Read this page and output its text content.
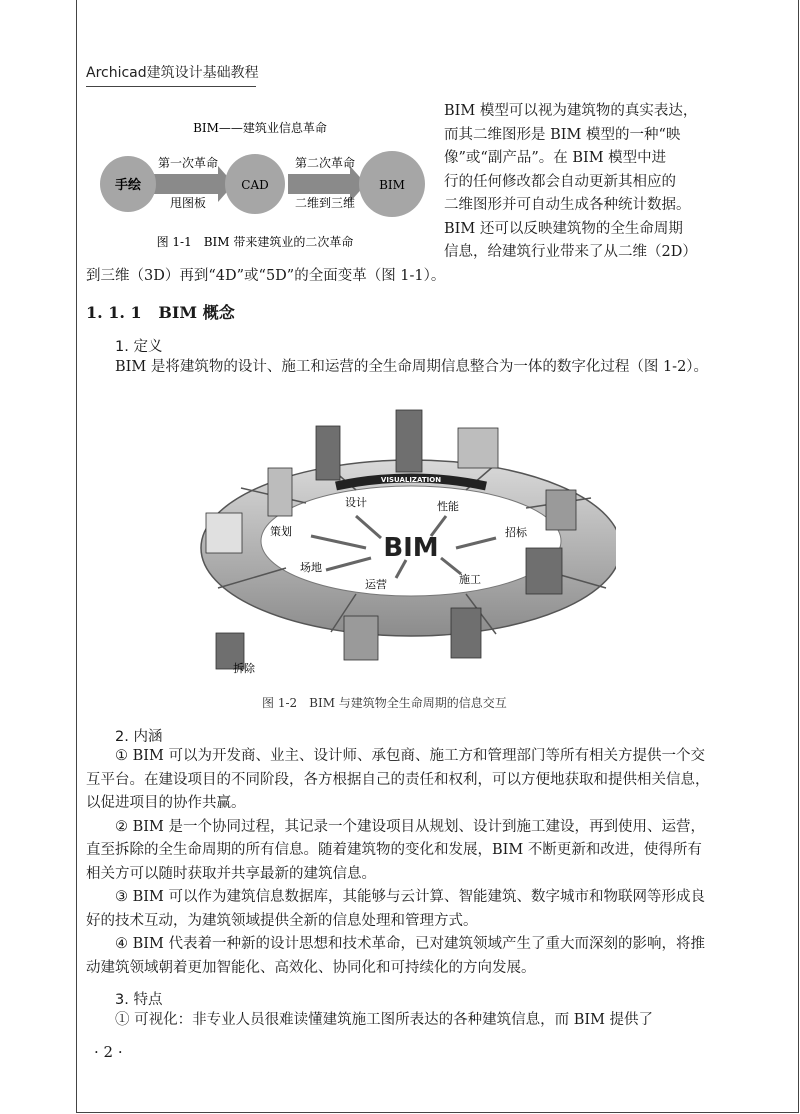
Archicad建筑设计基础教程
BIM——建筑业信息革命
手绘	CAD	BIM
第一次革命
甩图板
第二次革命
二维到三维
图 1-1　BIM 带来建筑业的二次革命
BIM 模型可以视为建筑物的真实表达，
而其二维图形是 BIM 模型的一种“映
像”或“副产品”。在 BIM 模型中进
行的任何修改都会自动更新其相应的
二维图形并可自动生成各种统计数据。
BIM 还可以反映建筑物的全生命周期
信息，给建筑行业带来了从二维（2D）
到三维（3D）再到“4D”或“5D”的全面变革（图 1-1）。
1. 1. 1 BIM 概念
1. 定义

BIM 是将建筑物的设计、施工和运营的全生命周期信息整合为一体的数字化过程（图 1-2）。

VISUALIZATION
BIM
设计	性能
策划	招标
场地
运营	施工
拆除
图 1-2　BIM 与建筑物全生命周期的信息交互
2. 内涵

① BIM 可以为开发商、业主、设计师、承包商、施工方和管理部门等所有相关方提供一个交互平台。在建设项目的不同阶段，各方根据自己的责任和权利，可以方便地获取和提供相关信息，以促进项目的协作共赢。

② BIM 是一个协同过程，其记录一个建设项目从规划、设计到施工建设，再到使用、运营，直至拆除的全生命周期的所有信息。随着建筑物的变化和发展，BIM 不断更新和改进，使得所有相关方可以随时获取并共享最新的建筑信息。

③ BIM 可以作为建筑信息数据库，其能够与云计算、智能建筑、数字城市和物联网等形成良好的技术互动，为建筑领域提供全新的信息处理和管理方式。

④ BIM 代表着一种新的设计思想和技术革命，已对建筑领域产生了重大而深刻的影响，将推动建筑领域朝着更加智能化、高效化、协同化和可持续化的方向发展。

3. 特点

① 可视化：非专业人员很难读懂建筑施工图所表达的各种建筑信息，而 BIM 提供了

· 2 ·
